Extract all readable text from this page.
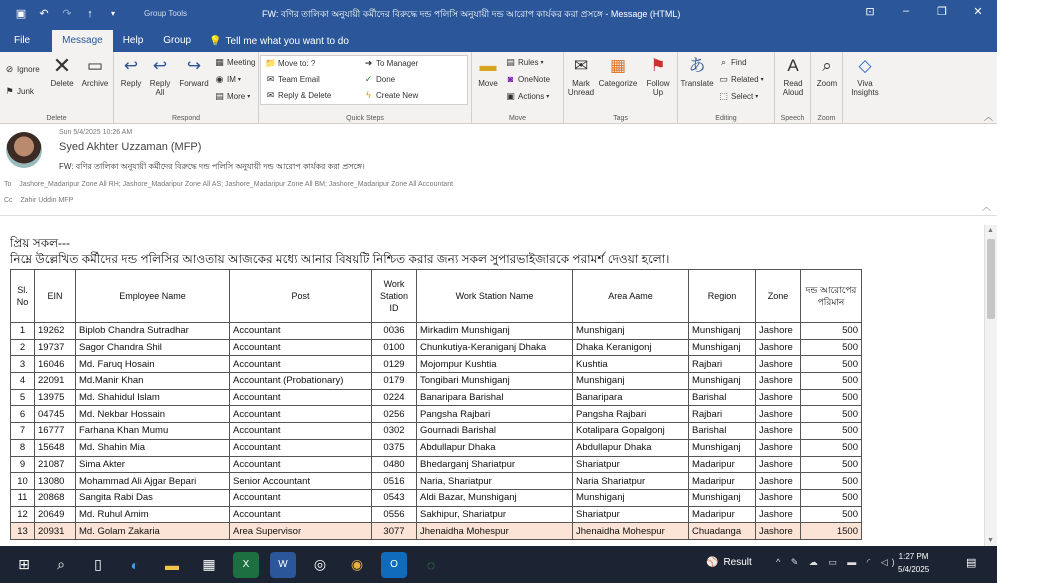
▣ ↶ ↷	↑	▾	Group Tools	FW: বণির তালিকা অনুযায়ী কর্মীদের বিরুদ্ধে দন্ড পলিসি অনুযায়ী দন্ড আরোপ কার্যকর করা প্রসঙ্গে - Message (HTML)	⊡	–	❐ ✕
File	Message	Help	Group	💡 Tell me what you want to do
⊘ Ignore
⚑ Junk
✕
Delete
▭
Archive
Delete
↩
Reply
↩
Reply All
↪
Forward
▦ Meeting
◉ IM ▾
▤ More ▾
Respond
📁 Move to: ?
✉ Team Email
✉ Reply & Delete
➜ To Manager
✓ Done
ϟ Create New
Quick Steps
▬
Move
▤ Rules ▾
◙ OneNote
▣ Actions ▾
Move
✉
Mark Unread
▦
Categorize
⚑
Follow Up
Tags
あ
Translate
⌕ Find
▭ Related ▾
⬚ Select ▾
Editing
A
Read Aloud
Speech
⌕
Zoom
Zoom
◇
Viva Insights
︿
Sun 5/4/2025 10:26 AM
Syed Akhter Uzzaman (MFP)
FW: বণির তালিকা অনুযায়ী কর্মীদের বিরুদ্ধে দন্ড পলিসি অনুযায়ী দন্ড আরোপ কার্যকর করা প্রসঙ্গে।
To Jashore_Madaripur Zone All RH; Jashore_Madaripur Zone All AS; Jashore_Madaripur Zone All BM; Jashore_Madaripur Zone All Accountant
Cc Zahir Uddin MFP
︿
প্রিয় সকল---
নিম্নে উল্লেখিত কর্মীদের দন্ড পলিসির আওতায় আজকের মধ্যে আনার বিষয়টি নিশ্চিত করার জন্য সকল সুপারভাইজারকে পরামর্শ দেওয়া হলো।
Sl. No	EIN	Employee Name	Post	Work Station ID	Work Station Name	Area Aame	Region	Zone	দন্ড আরোপের পরিমান
1	19262	Biplob Chandra Sutradhar	Accountant	0036	Mirkadim Munshiganj	Munshiganj	Munshiganj	Jashore	500
2	19737	Sagor Chandra Shil	Accountant	0100	Chunkutiya-Keraniganj Dhaka	Dhaka Keranigonj	Munshiganj	Jashore	500
3	16046	Md. Faruq Hosain	Accountant	0129	Mojompur Kushtia	Kushtia	Rajbari	Jashore	500
4	22091	Md.Manir Khan	Accountant (Probationary)	0179	Tongibari Munshiganj	Munshiganj	Munshiganj	Jashore	500
5	13975	Md. Shahidul Islam	Accountant	0224	Banaripara Barishal	Banaripara	Barishal	Jashore	500
6	04745	Md. Nekbar Hossain	Accountant	0256	Pangsha Rajbari	Pangsha Rajbari	Rajbari	Jashore	500
7	16777	Farhana Khan Mumu	Accountant	0302	Gournadi Barishal	Kotalipara Gopalgonj	Barishal	Jashore	500
8	15648	Md. Shahin Mia	Accountant	0375	Abdullapur Dhaka	Abdullapur Dhaka	Munshiganj	Jashore	500
9	21087	Sima Akter	Accountant	0480	Bhedarganj Shariatpur	Shariatpur	Madaripur	Jashore	500
10	13080	Mohammad Ali Ajgar Bepari	Senior Accountant	0516	Naria, Shariatpur	Naria Shariatpur	Madaripur	Jashore	500
11	20868	Sangita Rabi Das	Accountant	0543	Aldi Bazar, Munshiganj	Munshiganj	Munshiganj	Jashore	500
12	20649	Md. Ruhul Amim	Accountant	0556	Sakhipur, Shariatpur	Shariatpur	Madaripur	Jashore	500
13	20931	Md. Golam Zakaria	Area Supervisor	3077	Jhenaidha Mohespur	Jhenaidha Mohespur	Chuadanga	Jashore	1500
▲
▼
⊞	⌕	▯	◐	▬	▦	X	W	◎	◉	O	◌	⚾ Result	^ ✎ ☁ ▭ ▬ ◜ ◁)
1:27 PM
5/4/2025
▤
